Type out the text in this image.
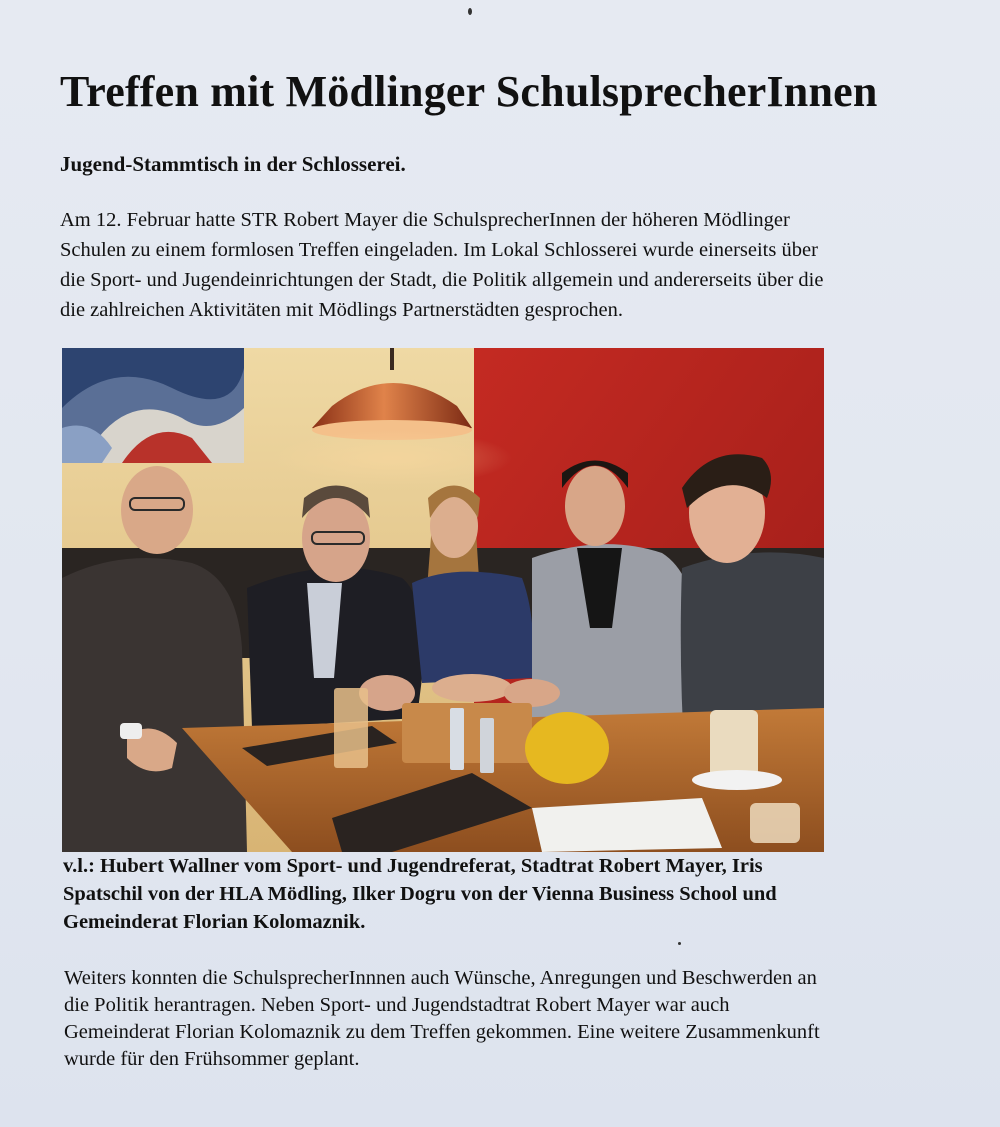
Treffen mit Mödlinger SchulsprecherInnen
Jugend-Stammtisch in der Schlosserei.

Am 12. Februar hatte STR Robert Mayer die SchulsprecherInnen der höheren Mödlinger
Schulen zu einem formlosen Treffen eingeladen. Im Lokal Schlosserei wurde einerseits über
die Sport- und Jugendeinrichtungen der Stadt, die Politik allgemein und andererseits über die
die zahlreichen Aktivitäten mit Mödlings Partnerstädten gesprochen.

v.l.: Hubert Wallner vom Sport- und Jugendreferat, Stadtrat Robert Mayer, Iris
Spatschil von der HLA Mödling, Ilker Dogru von der Vienna Business School und
Gemeinderat Florian Kolomaznik.

Weiters konnten die SchulsprecherInnnen auch Wünsche, Anregungen und Beschwerden an
die Politik herantragen. Neben Sport- und Jugendstadtrat Robert Mayer war auch
Gemeinderat Florian Kolomaznik zu dem Treffen gekommen. Eine weitere Zusammenkunft
wurde für den Frühsommer geplant.
